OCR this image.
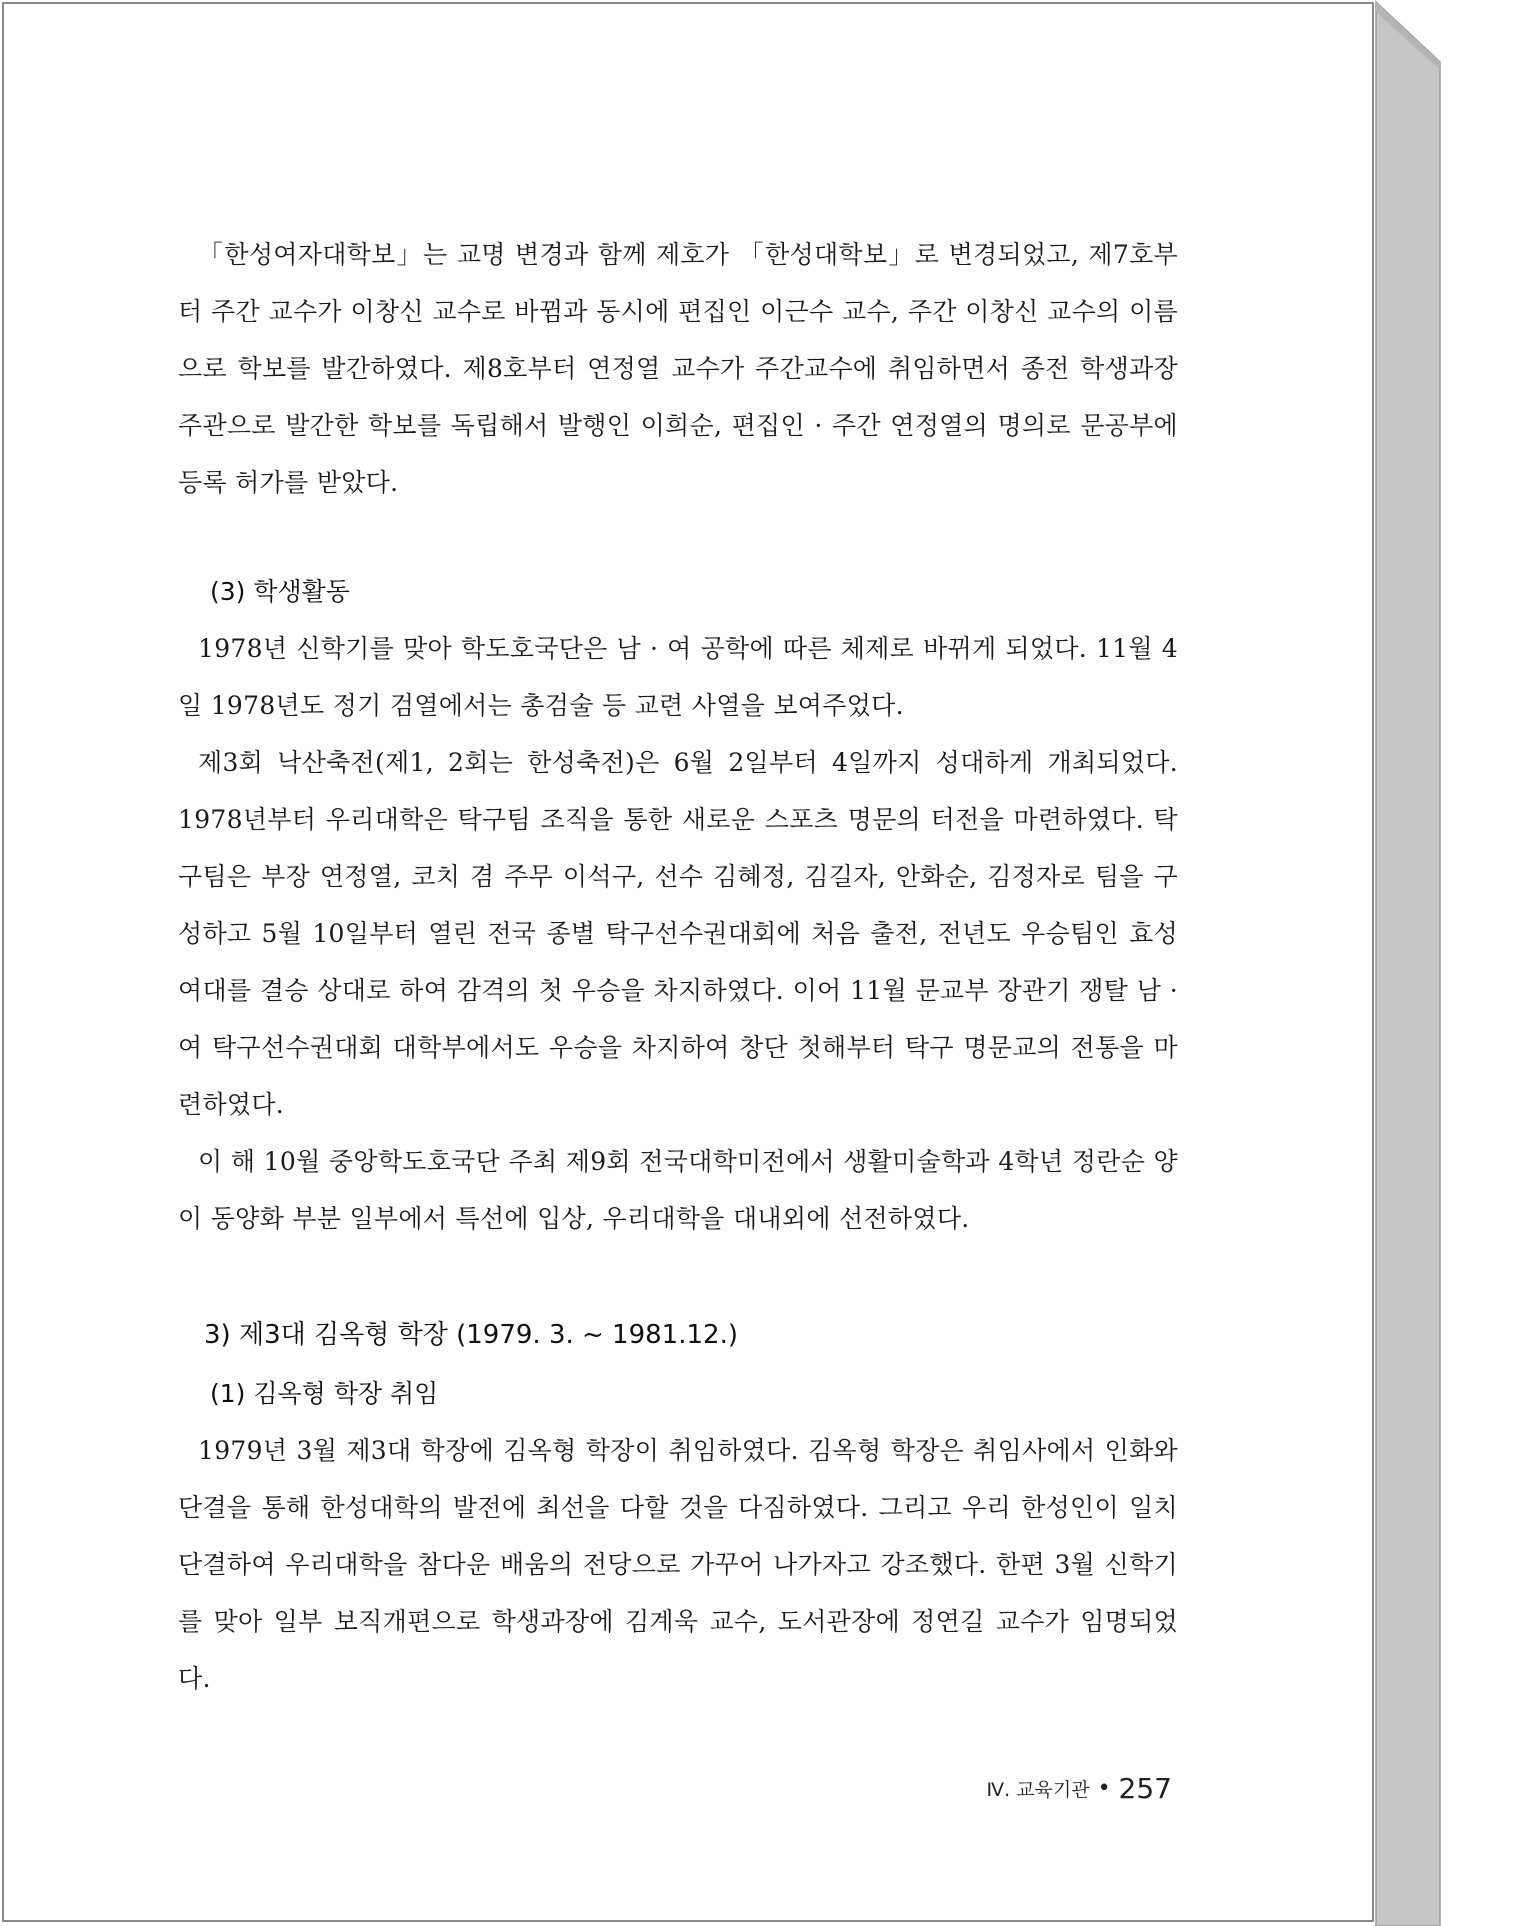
「한성여자대학보」는 교명 변경과 함께 제호가 「한성대학보」로 변경되었고, 제7호부터 주간 교수가 이창신 교수로 바뀜과 동시에 편집인 이근수 교수, 주간 이창신 교수의 이름으로 학보를 발간하였다. 제8호부터 연정열 교수가 주간교수에 취임하면서 종전 학생과장 주관으로 발간한 학보를 독립해서 발행인 이희순, 편집인 · 주간 연정열의 명의로 문공부에 등록 허가를 받았다.

(3) 학생활동

1978년 신학기를 맞아 학도호국단은 남 · 여 공학에 따른 체제로 바뀌게 되었다. 11월 4일 1978년도 정기 검열에서는 총검술 등 교련 사열을 보여주었다.

제3회 낙산축전(제1, 2회는 한성축전)은 6월 2일부터 4일까지 성대하게 개최되었다. 1978년부터 우리대학은 탁구팀 조직을 통한 새로운 스포츠 명문의 터전을 마련하였다. 탁구팀은 부장 연정열, 코치 겸 주무 이석구, 선수 김혜정, 김길자, 안화순, 김정자로 팀을 구성하고 5월 10일부터 열린 전국 종별 탁구선수권대회에 처음 출전, 전년도 우승팀인 효성여대를 결승 상대로 하여 감격의 첫 우승을 차지하였다. 이어 11월 문교부 장관기 쟁탈 남 · 여 탁구선수권대회 대학부에서도 우승을 차지하여 창단 첫해부터 탁구 명문교의 전통을 마련하였다.

이 해 10월 중앙학도호국단 주최 제9회 전국대학미전에서 생활미술학과 4학년 정란순 양이 동양화 부분 일부에서 특선에 입상, 우리대학을 대내외에 선전하였다.

3) 제3대 김옥형 학장 (1979. 3. ~ 1981.12.)

(1) 김옥형 학장 취임

1979년 3월 제3대 학장에 김옥형 학장이 취임하였다. 김옥형 학장은 취임사에서 인화와 단결을 통해 한성대학의 발전에 최선을 다할 것을 다짐하였다. 그리고 우리 한성인이 일치단결하여 우리대학을 참다운 배움의 전당으로 가꾸어 나가자고 강조했다. 한편 3월 신학기를 맞아 일부 보직개편으로 학생과장에 김계욱 교수, 도서관장에 정연길 교수가 임명되었다.

Ⅳ. 교육기관 • 257
